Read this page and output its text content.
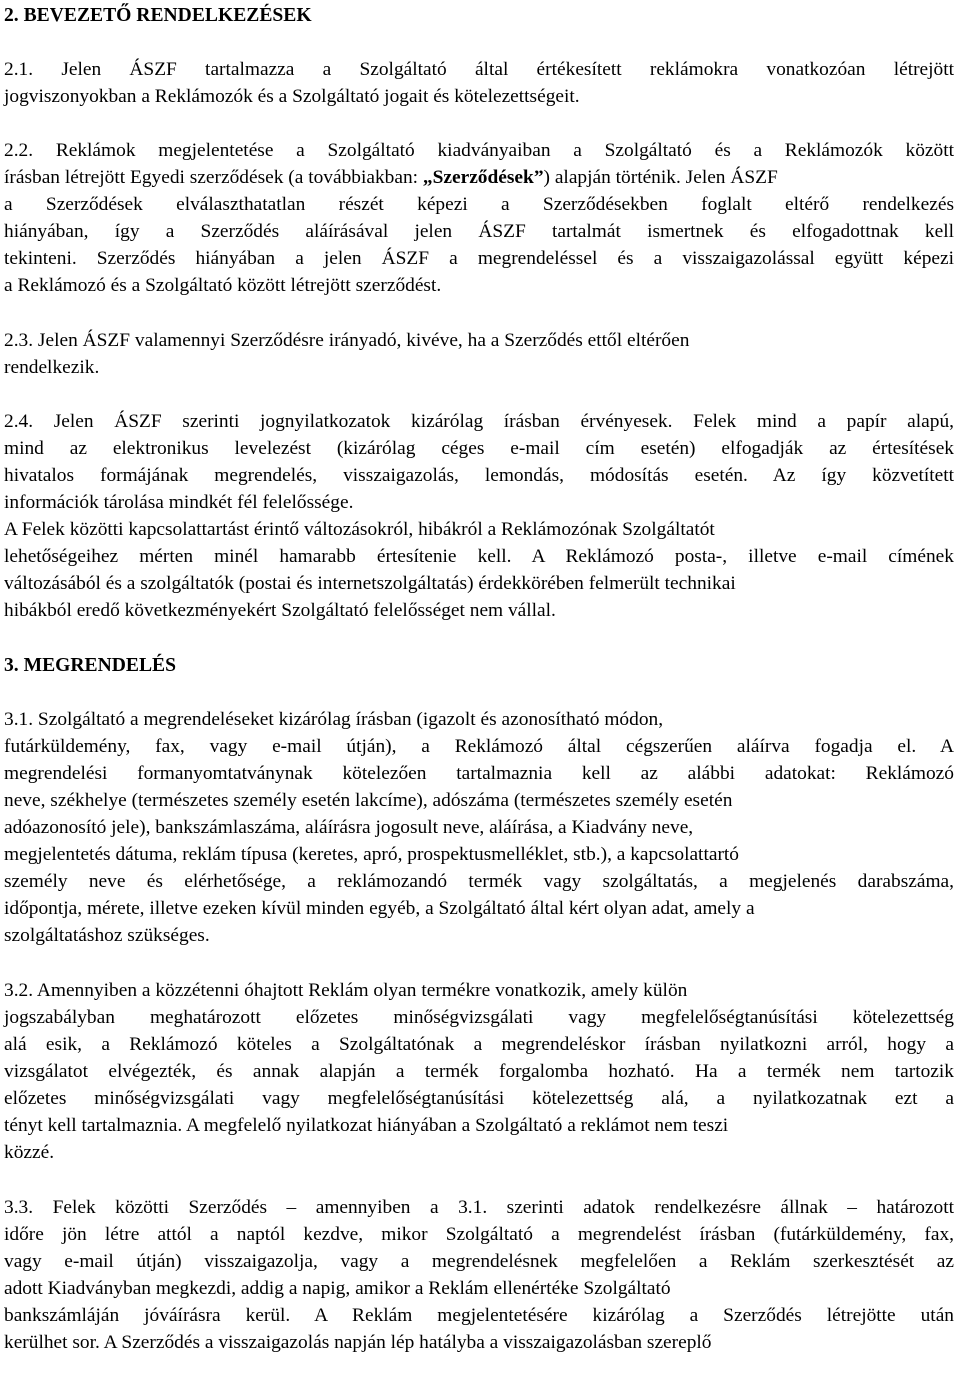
2. BEVEZETŐ RENDELKEZÉSEK
2.1. Jelen ÁSZF tartalmazza a Szolgáltató által értékesített reklámokra vonatkozóan létrejött
jogviszonyokban a Reklámozók és a Szolgáltató jogait és kötelezettségeit.
2.2. Reklámok megjelentetése a Szolgáltató kiadványaiban a Szolgáltató és a Reklámozók között
írásban létrejött Egyedi szerződések (a továbbiakban: „Szerződések”) alapján történik. Jelen ÁSZF
a Szerződések elválaszthatatlan részét képezi a Szerződésekben foglalt eltérő rendelkezés
hiányában, így a Szerződés aláírásával jelen ÁSZF tartalmát ismertnek és elfogadottnak kell
tekinteni. Szerződés hiányában a jelen ÁSZF a megrendeléssel és a visszaigazolással együtt képezi
a Reklámozó és a Szolgáltató között létrejött szerződést.
2.3. Jelen ÁSZF valamennyi Szerződésre irányadó, kivéve, ha a Szerződés ettől eltérően
rendelkezik.
2.4. Jelen ÁSZF szerinti jognyilatkozatok kizárólag írásban érvényesek. Felek mind a papír alapú,
mind az elektronikus levelezést (kizárólag céges e-mail cím esetén) elfogadják az értesítések
hivatalos formájának megrendelés, visszaigazolás, lemondás, módosítás esetén. Az így közvetített
információk tárolása mindkét fél felelőssége.
A Felek közötti kapcsolattartást érintő változásokról, hibákról a Reklámozónak Szolgáltatót
lehetőségeihez mérten minél hamarabb értesítenie kell. A Reklámozó posta-, illetve e-mail címének
változásából és a szolgáltatók (postai és internetszolgáltatás) érdekkörében felmerült technikai
hibákból eredő következményekért Szolgáltató felelősséget nem vállal.
3. MEGRENDELÉS
3.1. Szolgáltató a megrendeléseket kizárólag írásban (igazolt és azonosítható módon,
futárküldemény, fax, vagy e-mail útján), a Reklámozó által cégszerűen aláírva fogadja el. A
megrendelési formanyomtatványnak kötelezően tartalmaznia kell az alábbi adatokat: Reklámozó
neve, székhelye (természetes személy esetén lakcíme), adószáma (természetes személy esetén
adóazonosító jele), bankszámlaszáma, aláírásra jogosult neve, aláírása, a Kiadvány neve,
megjelentetés dátuma, reklám típusa (keretes, apró, prospektusmelléklet, stb.), a kapcsolattartó
személy neve és elérhetősége, a reklámozandó termék vagy szolgáltatás, a megjelenés darabszáma,
időpontja, mérete, illetve ezeken kívül minden egyéb, a Szolgáltató által kért olyan adat, amely a
szolgáltatáshoz szükséges.
3.2. Amennyiben a közzétenni óhajtott Reklám olyan termékre vonatkozik, amely külön
jogszabályban meghatározott előzetes minőségvizsgálati vagy megfelelőségtanúsítási kötelezettség
alá esik, a Reklámozó köteles a Szolgáltatónak a megrendeléskor írásban nyilatkozni arról, hogy a
vizsgálatot elvégezték, és annak alapján a termék forgalomba hozható. Ha a termék nem tartozik
előzetes minőségvizsgálati vagy megfelelőségtanúsítási kötelezettség alá, a nyilatkozatnak ezt a
tényt kell tartalmaznia. A megfelelő nyilatkozat hiányában a Szolgáltató a reklámot nem teszi
közzé.
3.3. Felek közötti Szerződés – amennyiben a 3.1. szerinti adatok rendelkezésre állnak – határozott
időre jön létre attól a naptól kezdve, mikor Szolgáltató a megrendelést írásban (futárküldemény, fax,
vagy e-mail útján) visszaigazolja, vagy a megrendelésnek megfelelően a Reklám szerkesztését az
adott Kiadványban megkezdi, addig a napig, amikor a Reklám ellenértéke Szolgáltató
bankszámláján jóváírásra kerül. A Reklám megjelentetésére kizárólag a Szerződés létrejötte után
kerülhet sor. A Szerződés a visszaigazolás napján lép hatályba a visszaigazolásban szereplő
